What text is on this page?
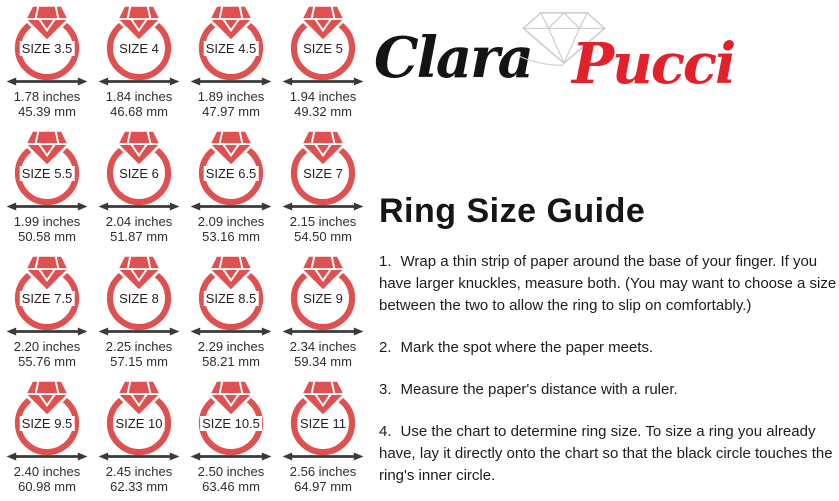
SIZE 3.5
1.78 inches
45.39 mm
SIZE 4
1.84 inches
46.68 mm
SIZE 4.5
1.89 inches
47.97 mm
SIZE 5
1.94 inches
49.32 mm
SIZE 5.5
1.99 inches
50.58 mm
SIZE 6
2.04 inches
51.87 mm
SIZE 6.5
2.09 inches
53.16 mm
SIZE 7
2.15 inches
54.50 mm
SIZE 7.5
2.20 inches
55.76 mm
SIZE 8
2.25 inches
57.15 mm
SIZE 8.5
2.29 inches
58.21 mm
SIZE 9
2.34 inches
59.34 mm
SIZE 9.5
2.40 inches
60.98 mm
SIZE 10
2.45 inches
62.33 mm
SIZE 10.5
2.50 inches
63.46 mm
SIZE 11
2.56 inches
64.97 mm
Clara Pucci
Ring Size Guide

1. Wrap a thin strip of paper around the base of your finger. If you have larger knuckles, measure both. (You may want to choose a size between the two to allow the ring to slip on comfortably.)

2. Mark the spot where the paper meets.

3. Measure the paper's distance with a ruler.

4. Use the chart to determine ring size. To size a ring you already have, lay it directly onto the chart so that the black circle touches the ring's inner circle.
